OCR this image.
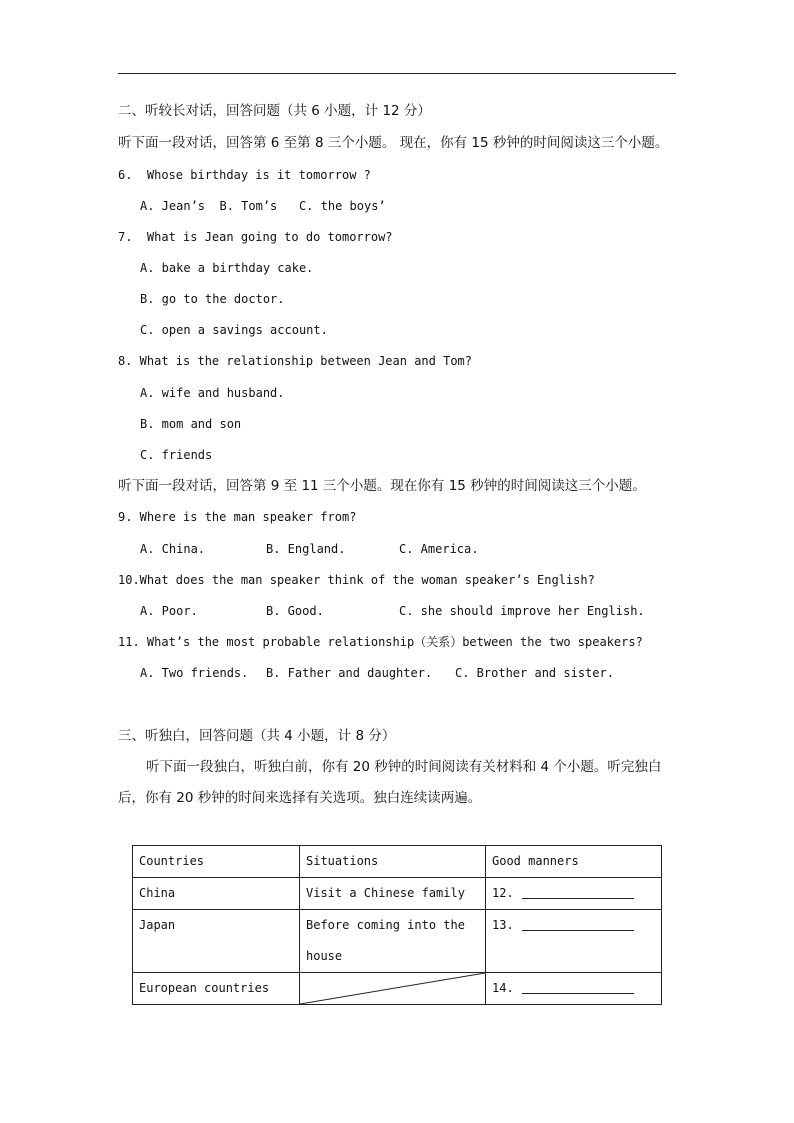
二、听较长对话，回答问题（共 6 小题，计 12 分）
听下面一段对话，回答第 6 至第 8 三个小题。 现在，你有 15 秒钟的时间阅读这三个小题。
6.  Whose birthday is it tomorrow ?
A. Jean’s  B. Tom’s   C. the boys’
7.  What is Jean going to do tomorrow?
A. bake a birthday cake.
B. go to the doctor.
C. open a savings account.
8. What is the relationship between Jean and Tom?
A. wife and husband.
B. mom and son
C. friends
听下面一段对话，回答第 9 至 11 三个小题。现在你有 15 秒钟的时间阅读这三个小题。
9. Where is the man speaker from?
A. China.	B. England.	C. America.
10.What does the man speaker think of the woman speaker’s English?
A. Poor.	B. Good.	C. she should improve her English.
11. What’s the most probable relationship（关系）between the two speakers?
A. Two friends. B. Father and daughter. C. Brother and sister.
三、听独白，回答问题（共 4 小题，计 8 分）
听下面一段独白，听独白前，你有 20 秒钟的时间阅读有关材料和 4 个小题。听完独白后，你有 20 秒钟的时间来选择有关选项。独白连续读两遍。
Countries	Situations	Good manners
China	Visit a Chinese family	12.
Japan	Before coming into the house	13.
European countries		14.
